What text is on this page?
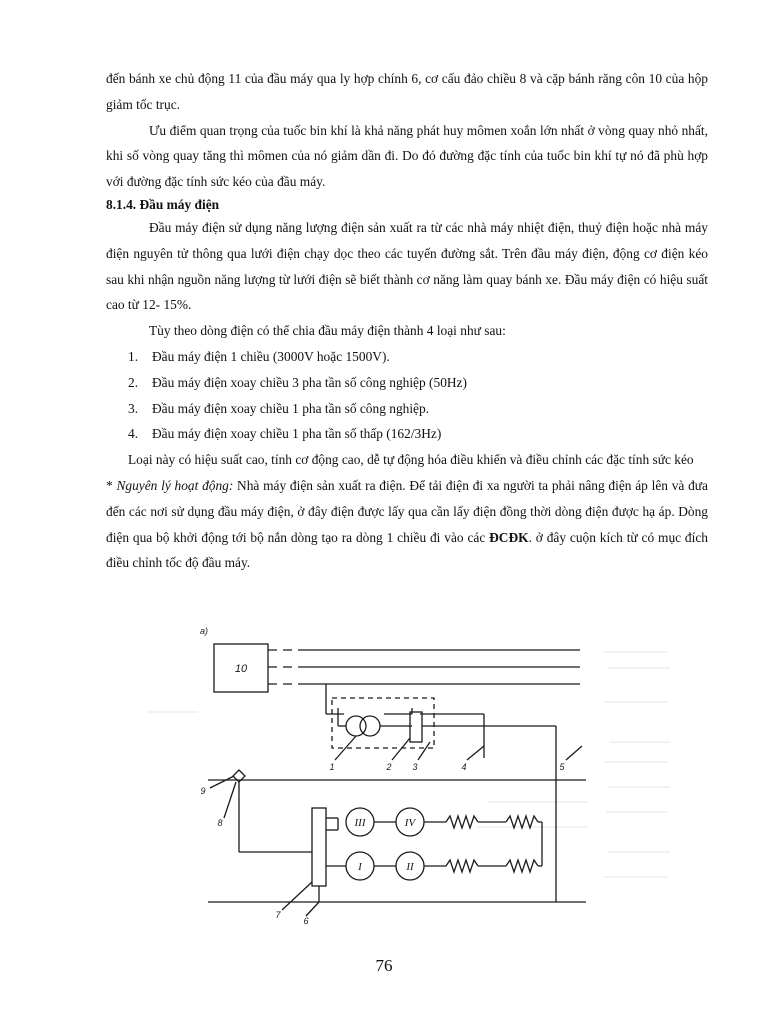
đến bánh xe chủ động 11 của đầu máy qua ly hợp chính 6, cơ cấu đảo chiều 8 và cặp bánh răng côn 10 của hộp giảm tốc trục.

Ưu điểm quan trọng của tuốc bin khí là khả năng phát huy mômen xoắn lớn nhất ở vòng quay nhỏ nhất, khi số vòng quay tăng thì mômen của nó giảm dần đi. Do đó đường đặc tính của tuốc bin khí tự nó đã phù hợp với đường đặc tính sức kéo của đầu máy.

8.1.4. Đầu máy điện

Đầu máy điện sử dụng năng lượng điện sản xuất ra từ các nhà máy nhiệt điện, thuỷ điện hoặc nhà máy điện nguyên tử thông qua lưới điện chạy dọc theo các tuyến đường sắt. Trên đầu máy điện, động cơ điện kéo sau khi nhận nguồn năng lượng từ lưới điện sẽ biết thành cơ năng làm quay bánh xe. Đầu máy điện có hiệu suất cao từ 12- 15%.

Tùy theo dòng điện có thể chia đầu máy điện thành 4 loại như sau:

1. Đầu máy điện 1 chiều (3000V hoặc 1500V).
2. Đầu máy điện xoay chiều 3 pha tần số công nghiệp (50Hz)
3. Đầu máy điện xoay chiều 1 pha tần số công nghiệp.
4. Đầu máy điện xoay chiều 1 pha tần số thấp (162/3Hz)

Loại này có hiệu suất cao, tính cơ động cao, dễ tự động hóa điều khiển và điều chỉnh các đặc tính sức kéo

* Nguyên lý hoạt động: Nhà máy điện sản xuất ra điện. Để tải điện đi xa người ta phải nâng điện áp lên và đưa đến các nơi sử dụng đầu máy điện, ở đây điện được lấy qua cần lấy điện đồng thời dòng điện được hạ áp. Dòng điện qua bộ khởi động tới bộ nắn dòng tạo ra dòng 1 chiều đi vào các ĐCĐK. ở đây cuộn kích từ có mục đích điều chỉnh tốc độ đầu máy.

III	IV
I	II
a)
10
1	2 3	4	5
9
8
7
6
76
